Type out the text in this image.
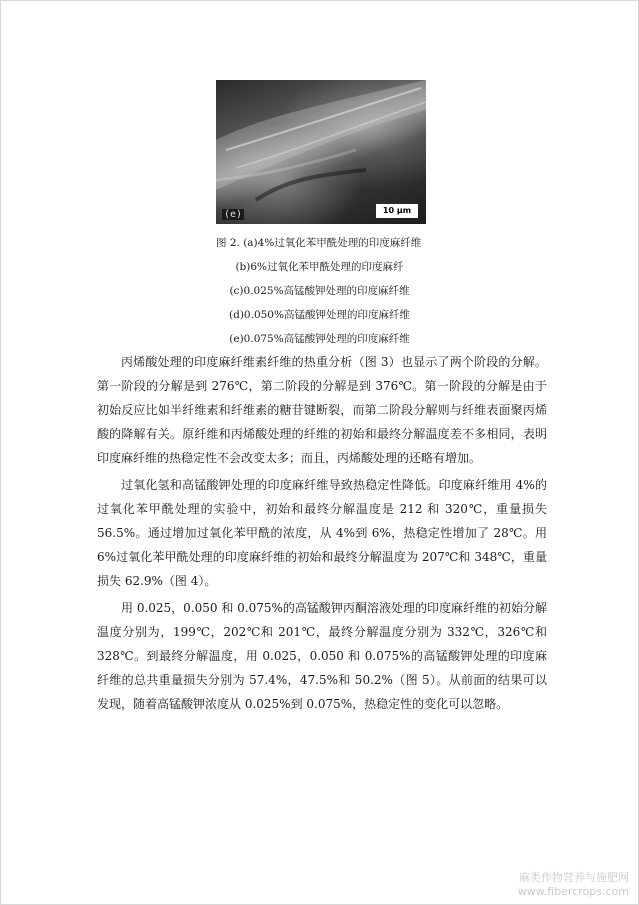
(e)	10 μm
图 2. (a)4%过氧化苯甲酰处理的印度麻纤维
(b)6%过氧化苯甲酰处理的印度麻纤
(c)0.025%高锰酸钾处理的印度麻纤维
(d)0.050%高锰酸钾处理的印度麻纤维
(e)0.075%高锰酸钾处理的印度麻纤维

丙烯酸处理的印度麻纤维素纤维的热重分析（图 3）也显示了两个阶段的分解。第一阶段的分解是到 276℃，第二阶段的分解是到 376℃。第一阶段的分解是由于初始反应比如半纤维素和纤维素的糖苷键断裂，而第二阶段分解则与纤维表面聚丙烯酸的降解有关。原纤维和丙烯酸处理的纤维的初始和最终分解温度差不多相同，表明印度麻纤维的热稳定性不会改变太多；而且，丙烯酸处理的还略有增加。

过氧化氢和高锰酸钾处理的印度麻纤维导致热稳定性降低。印度麻纤维用 4%的过氧化苯甲酰处理的实验中，初始和最终分解温度是 212 和 320℃，重量损失 56.5%。通过增加过氧化苯甲酰的浓度，从 4%到 6%，热稳定性增加了 28℃。用 6%过氧化苯甲酰处理的印度麻纤维的初始和最终分解温度为 207℃和 348℃，重量损失 62.9%（图 4）。

用 0.025，0.050 和 0.075%的高锰酸钾丙酮溶液处理的印度麻纤维的初始分解温度分别为，199℃，202℃和 201℃，最终分解温度分别为 332℃，326℃和 328℃。到最终分解温度，用 0.025，0.050 和 0.075%的高锰酸钾处理的印度麻纤维的总共重量损失分别为 57.4%，47.5%和 50.2%（图 5）。从前面的结果可以发现，随着高锰酸钾浓度从 0.025%到 0.075%，热稳定性的变化可以忽略。

麻类作物营养与施肥网
www.fibercrops.com
